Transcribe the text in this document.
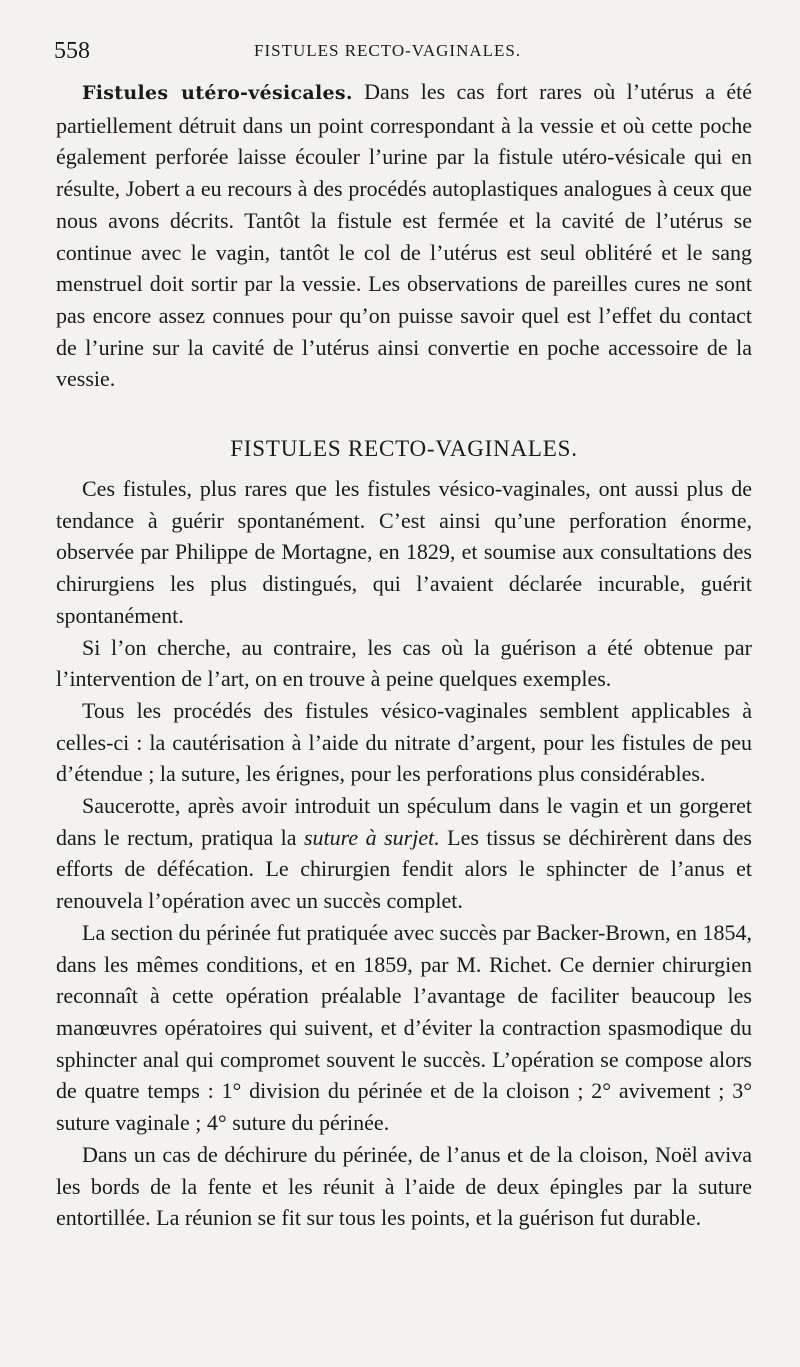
558	FISTULES RECTO-VAGINALES.

Fistules utéro-vésicales. Dans les cas fort rares où l’utérus a été partiellement détruit dans un point correspondant à la vessie et où cette poche également perforée laisse écouler l’urine par la fistule utéro-vésicale qui en résulte, Jobert a eu recours à des procédés autoplastiques analogues à ceux que nous avons décrits. Tantôt la fistule est fermée et la cavité de l’utérus se continue avec le vagin, tantôt le col de l’utérus est seul oblitéré et le sang menstruel doit sortir par la vessie. Les observations de pareilles cures ne sont pas encore assez connues pour qu’on puisse savoir quel est l’effet du contact de l’urine sur la cavité de l’utérus ainsi convertie en poche accessoire de la vessie.

FISTULES RECTO-VAGINALES.

Ces fistules, plus rares que les fistules vésico-vaginales, ont aussi plus de tendance à guérir spontanément. C’est ainsi qu’une perforation énorme, observée par Philippe de Mortagne, en 1829, et soumise aux consultations des chirurgiens les plus distingués, qui l’avaient déclarée incurable, guérit spontanément.

Si l’on cherche, au contraire, les cas où la guérison a été obtenue par l’intervention de l’art, on en trouve à peine quelques exemples.

Tous les procédés des fistules vésico-vaginales semblent applicables à celles-ci : la cautérisation à l’aide du nitrate d’argent, pour les fistules de peu d’étendue ; la suture, les érignes, pour les perforations plus considérables.

Saucerotte, après avoir introduit un spéculum dans le vagin et un gorgeret dans le rectum, pratiqua la suture à surjet. Les tissus se déchirèrent dans des efforts de défécation. Le chirurgien fendit alors le sphincter de l’anus et renouvela l’opération avec un succès complet.

La section du périnée fut pratiquée avec succès par Backer-Brown, en 1854, dans les mêmes conditions, et en 1859, par M. Richet. Ce dernier chirurgien reconnaît à cette opération préalable l’avantage de faciliter beaucoup les manœuvres opératoires qui suivent, et d’éviter la contraction spasmodique du sphincter anal qui compromet souvent le succès. L’opération se compose alors de quatre temps : 1° division du périnée et de la cloison ; 2° avivement ; 3° suture vaginale ; 4° suture du périnée.

Dans un cas de déchirure du périnée, de l’anus et de la cloison, Noël aviva les bords de la fente et les réunit à l’aide de deux épingles par la suture entortillée. La réunion se fit sur tous les points, et la guérison fut durable.
